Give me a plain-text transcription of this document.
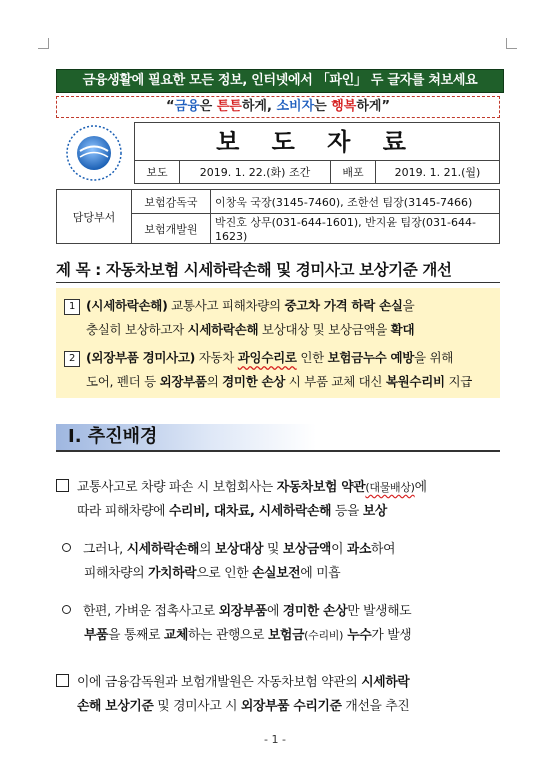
금융생활에 필요한 모든 정보, 인터넷에서 「파인」 두 글자를 쳐보세요
“금융은 튼튼하게, 소비자는 행복하게”
보 도 자 료
보도	2019. 1. 22.(화) 조간	배포	2019. 1. 21.(월)
담당부서	보험감독국	이창욱 국장(3145-7460), 조한선 팀장(3145-7466)
	보험개발원	박진호 상무(031-644-1601), 반지윤 팀장(031-644-1623)
제 목 : 자동차보험 시세하락손해 및 경미사고 보상기준 개선
1 (시세하락손해) 교통사고 피해차량의 중고차 가격 하락 손실을
충실히 보상하고자 시세하락손해 보상대상 및 보상금액을 확대
2 (외장부품 경미사고) 자동차 과잉수리로 인한 보험금누수 예방을 위해
도어, 펜더 등 외장부품의 경미한 손상 시 부품 교체 대신 복원수리비 지급
Ⅰ. 추진배경
교통사고로 차량 파손 시 보험회사는 자동차보험 약관(대물배상)에
따라 피해차량에 수리비, 대차료, 시세하락손해 등을 보상
그러나, 시세하락손해의 보상대상 및 보상금액이 과소하여
피해차량의 가치하락으로 인한 손실보전에 미흡
한편, 가벼운 접촉사고로 외장부품에 경미한 손상만 발생해도
부품을 통째로 교체하는 관행으로 보험금(수리비) 누수가 발생
이에 금융감독원과 보험개발원은 자동차보험 약관의 시세하락
손해 보상기준 및 경미사고 시 외장부품 수리기준 개선을 추진
- 1 -
